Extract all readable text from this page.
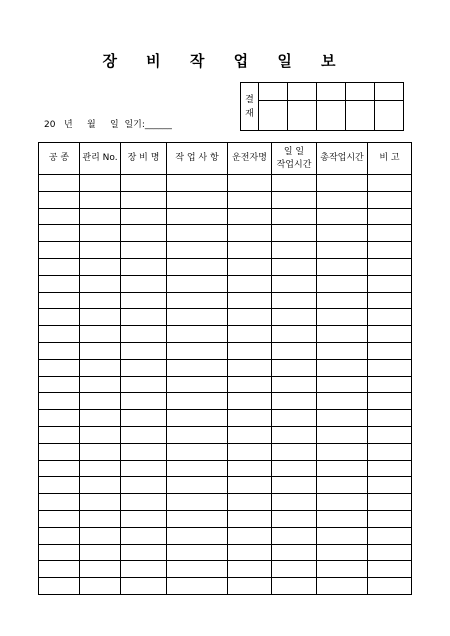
장 비 작 업 일 보
결
재					

20   년     월     일  일기:______
공 종	관리 No.	장 비 명	작 업 사 항	운전자명	일 일
작업시간	총작업시간	비 고
